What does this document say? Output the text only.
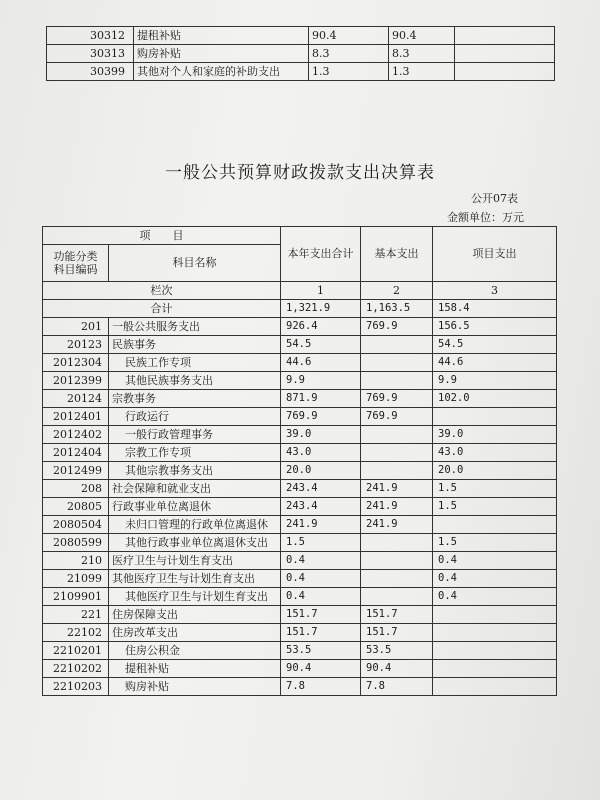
30312	提租补贴	90.4	90.4	
30313	购房补贴	8.3	8.3	
30399	其他对个人和家庭的补助支出	1.3	1.3	
一般公共预算财政拨款支出决算表
公开07表
金额单位：万元
项　　目		本年支出合计	基本支出	项目支出
功能分类
科目编码	科目名称			
栏次		1	2	3
合计		1,321.9	1,163.5	158.4
201	一般公共服务支出	926.4	769.9	156.5
20123	民族事务	54.5		54.5
2012304	民族工作专项	44.6		44.6
2012399	其他民族事务支出	9.9		9.9
20124	宗教事务	871.9	769.9	102.0
2012401	行政运行	769.9	769.9	
2012402	一般行政管理事务	39.0		39.0
2012404	宗教工作专项	43.0		43.0
2012499	其他宗教事务支出	20.0		20.0
208	社会保障和就业支出	243.4	241.9	1.5
20805	行政事业单位离退休	243.4	241.9	1.5
2080504	未归口管理的行政单位离退休	241.9	241.9	
2080599	其他行政事业单位离退休支出	1.5		1.5
210	医疗卫生与计划生育支出	0.4		0.4
21099	其他医疗卫生与计划生育支出	0.4		0.4
2109901	其他医疗卫生与计划生育支出	0.4		0.4
221	住房保障支出	151.7	151.7	
22102	住房改革支出	151.7	151.7	
2210201	住房公积金	53.5	53.5	
2210202	提租补贴	90.4	90.4	
2210203	购房补贴	7.8	7.8	
